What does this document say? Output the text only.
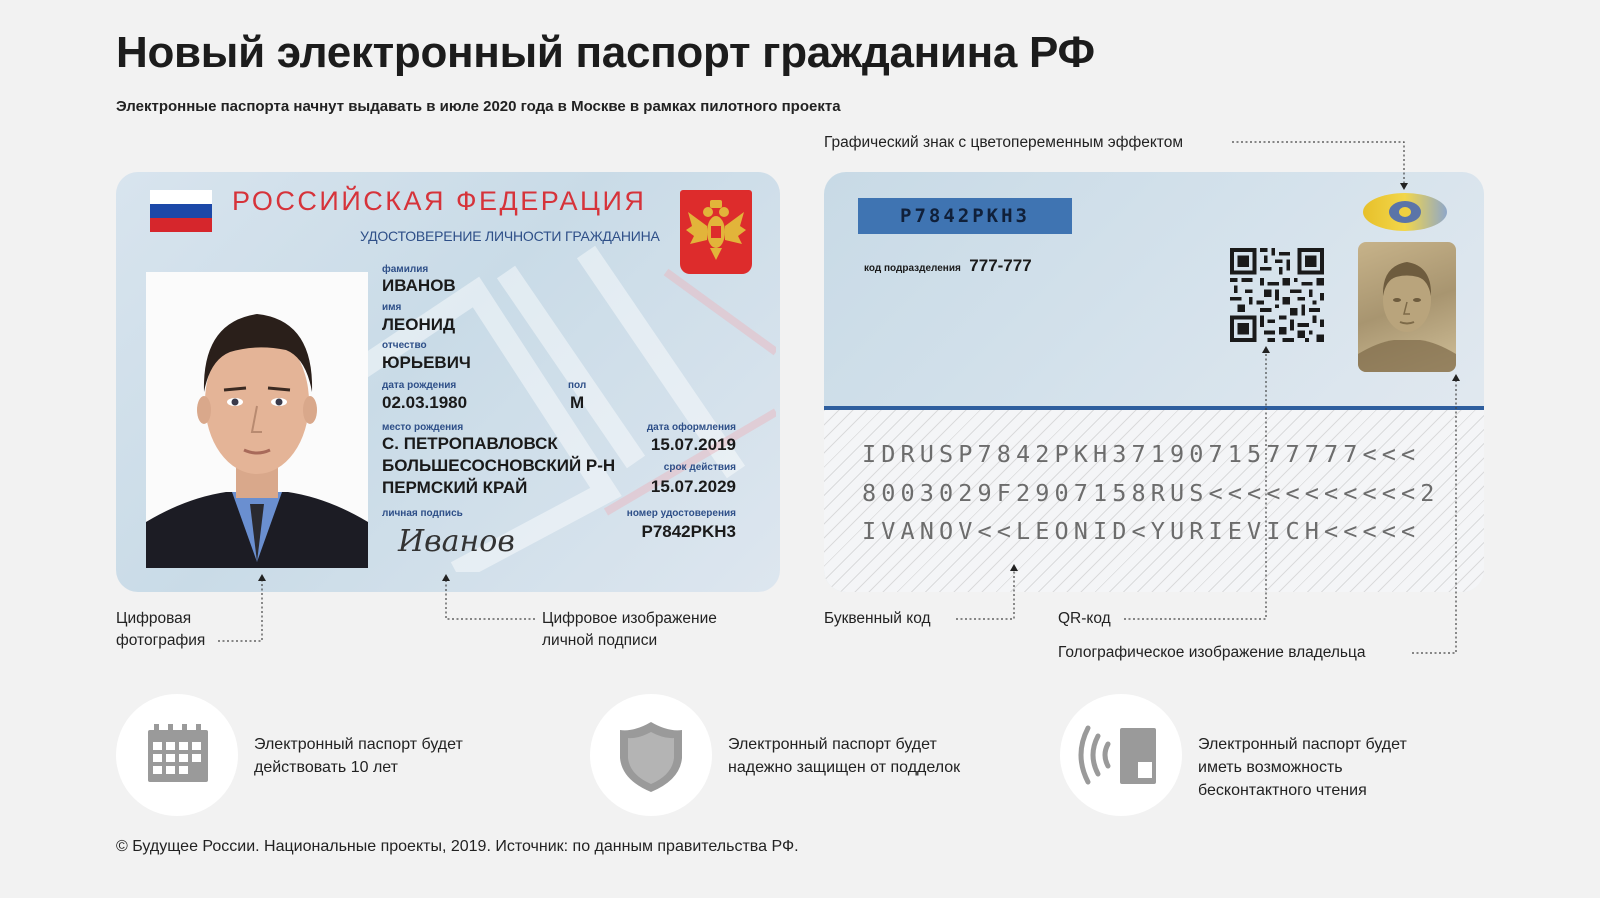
Новый электронный паспорт гражданина РФ
Электронные паспорта начнут выдавать в июле 2020 года в Москве в рамках пилотного проекта
РОССИЙСКАЯ ФЕДЕРАЦИЯ
УДОСТОВЕРЕНИЕ ЛИЧНОСТИ ГРАЖДАНИНА
фамилия
ИВАНОВ
имя
ЛЕОНИД
отчество
ЮРЬЕВИЧ
дата рождения
02.03.1980
пол
М
место рождения
С. ПЕТРОПАВЛОВСК
БОЛЬШЕСОСНОВСКИЙ Р-Н
ПЕРМСКИЙ КРАЙ
дата оформления
15.07.2019
срок действия
15.07.2029
номер удостоверения
P7842PKH3
личная подпись
Иванов
P7842PKH3
код подразделения 777-777
IDRUSP7842PKH3719071577777<<<
8003029F2907158RUS<<<<<<<<<<<2
IVANOV<<LEONID<YURIEVICH<<<<<
Графический знак с цветопеременным эффектом
Цифровая
фотография
Цифровое изображение
личной подписи
Буквенный код	QR-код
Голографическое изображение владельца
Электронный паспорт будет
действовать 10 лет
Электронный паспорт будет
надежно защищен от подделок
Электронный паспорт будет
иметь возможность
бесконтактного чтения
© Будущее России. Национальные проекты, 2019. Источник: по данным правительства РФ.
